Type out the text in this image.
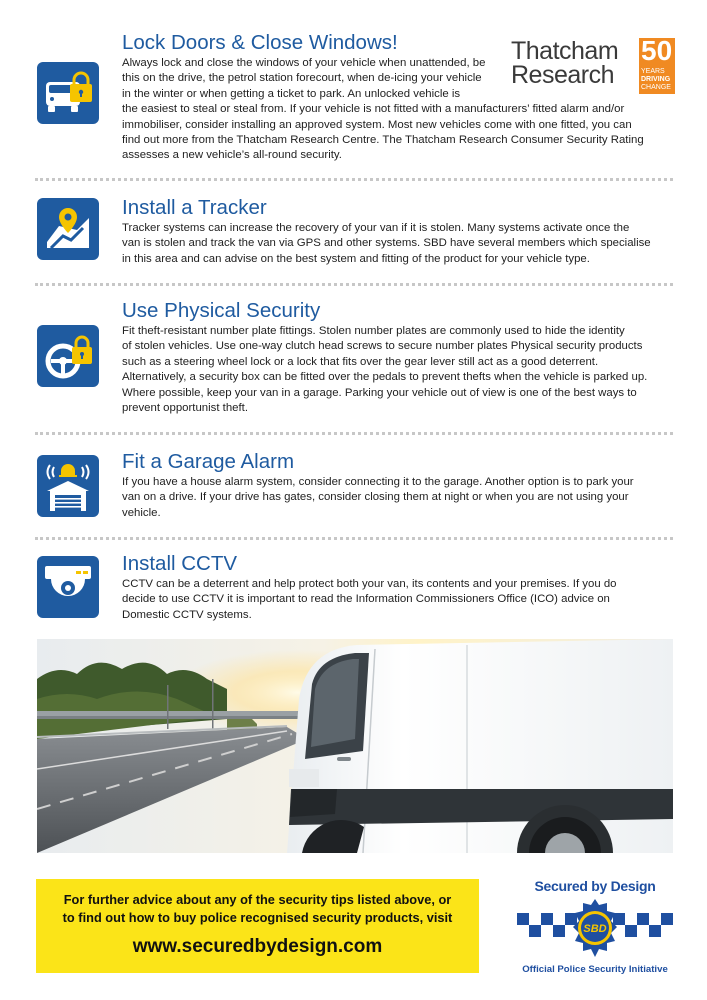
Lock Doors & Close Windows!

Always lock and close the windows of your vehicle when unattended, be
this on the drive, the petrol station forecourt, when de-icing your vehicle
in the winter or when getting a ticket to park. An unlocked vehicle is
the easiest to steal or steal from. If your vehicle is not fitted with a manufacturers’ fitted alarm and/or
immobiliser, consider installing an approved system. Most new vehicles come with one fitted, you can
find out more from the Thatcham Research Centre. The Thatcham Research Consumer Security Rating
assesses a new vehicle’s all-round security.

Thatcham
Research
50
YEARS
DRIVING
CHANGE
Install a Tracker

Tracker systems can increase the recovery of your van if it is stolen. Many systems activate once the
van is stolen and track the van via GPS and other systems. SBD have several members which specialise
in this area and can advise on the best system and fitting of the product for your vehicle type.

Use Physical Security

Fit theft-resistant number plate fittings. Stolen number plates are commonly used to hide the identity
of stolen vehicles. Use one-way clutch head screws to secure number plates Physical security products
such as a steering wheel lock or a lock that fits over the gear lever still act as a good deterrent.
Alternatively, a security box can be fitted over the pedals to prevent thefts when the vehicle is parked up.
Where possible, keep your van in a garage. Parking your vehicle out of view is one of the best ways to
prevent opportunist theft.

Fit a Garage Alarm

If you have a house alarm system, consider connecting it to the garage. Another option is to park your
van on a drive. If your drive has gates, consider closing them at night or when you are not using your
vehicle.

Install CCTV

CCTV can be a deterrent and help protect both your van, its contents and your premises. If you do
decide to use CCTV it is important to read the Information Commissioners Office (ICO) advice on
Domestic CCTV systems.

For further advice about any of the security tips listed above, or
to find out how to buy police recognised security products, visit
www.securedbydesign.com
Secured by Design
SBD
Official Police Security Initiative
